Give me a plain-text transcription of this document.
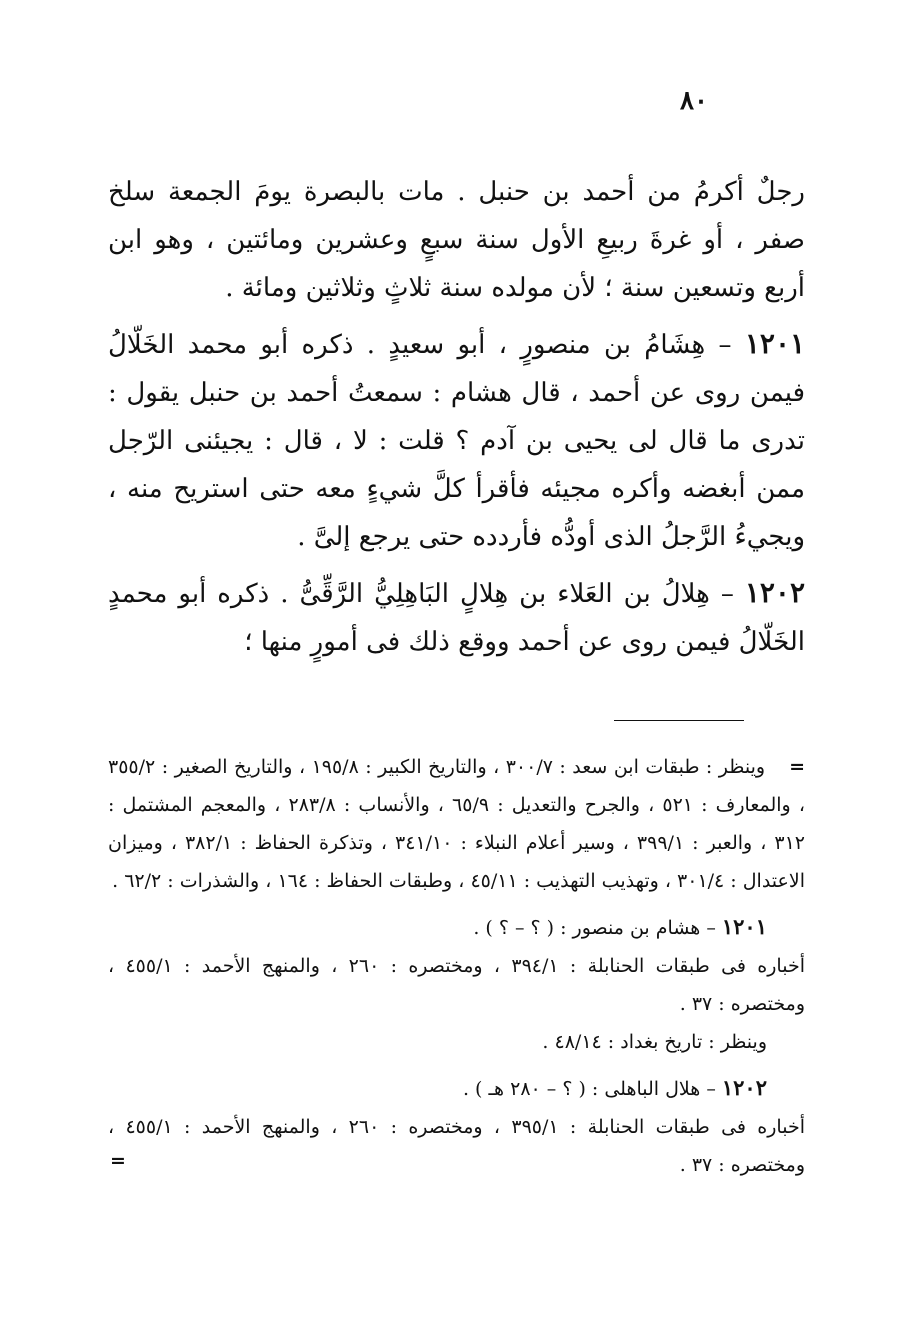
٨٠

رجلٌ أكرمُ من أحمد بن حنبل . مات بالبصرة يومَ الجمعة سلخ صفر ، أو غرةَ ربيعِ الأول سنة سبعٍ وعشرين ومائتين ، وهو ابن أربع وتسعين سنة ؛ لأن مولده سنة ثلاثٍ وثلاثين ومائة .

١٢٠١ – هِشَامُ بن منصورٍ ، أبو سعيدٍ . ذكره أبو محمد الخَلّالُ فيمن روى عن أحمد ، قال هشام : سمعتُ أحمد بن حنبل يقول : تدرى ما قال لى يحيى بن آدم ؟ قلت : لا ، قال : يجيئنى الرّجل ممن أبغضه وأكره مجيئه فأقرأ كلَّ شيءٍ معه حتى استريح منه ، ويجيءُ الرَّجلُ الذى أودُّه فأردده حتى يرجع إلىَّ .

١٢٠٢ – هِلالُ بن العَلاء بن هِلالٍ البَاهِلِيُّ الرَّقِّىُّ . ذكره أبو محمدٍ الخَلّالُ فيمن روى عن أحمد ووقع ذلك فى أمورٍ منها ؛

=وينظر : طبقات ابن سعد : ٣٠٠/٧ ، والتاريخ الكبير : ١٩٥/٨ ، والتاريخ الصغير : ٣٥٥/٢ ، والمعارف : ٥٢١ ، والجرح والتعديل : ٦٥/٩ ، والأنساب : ٢٨٣/٨ ، والمعجم المشتمل : ٣١٢ ، والعبر : ٣٩٩/١ ، وسير أعلام النبلاء : ٣٤١/١٠ ، وتذكرة الحفاظ : ٣٨٢/١ ، وميزان الاعتدال : ٣٠١/٤ ، وتهذيب التهذيب : ٤٥/١١ ، وطبقات الحفاظ : ١٦٤ ، والشذرات : ٦٢/٢ .

١٢٠١ – هشام بن منصور : ( ؟ – ؟ ) .

أخباره فى طبقات الحنابلة : ٣٩٤/١ ، ومختصره : ٢٦٠ ، والمنهج الأحمد : ٤٥٥/١ ، ومختصره : ٣٧ .

وينظر : تاريخ بغداد : ٤٨/١٤ .

١٢٠٢ – هلال الباهلى : ( ؟ – ٢٨٠ هـ ) .

أخباره فى طبقات الحنابلة : ٣٩٥/١ ، ومختصره : ٢٦٠ ، والمنهج الأحمد : ٤٥٥/١ ، ومختصره : ٣٧ .
=
